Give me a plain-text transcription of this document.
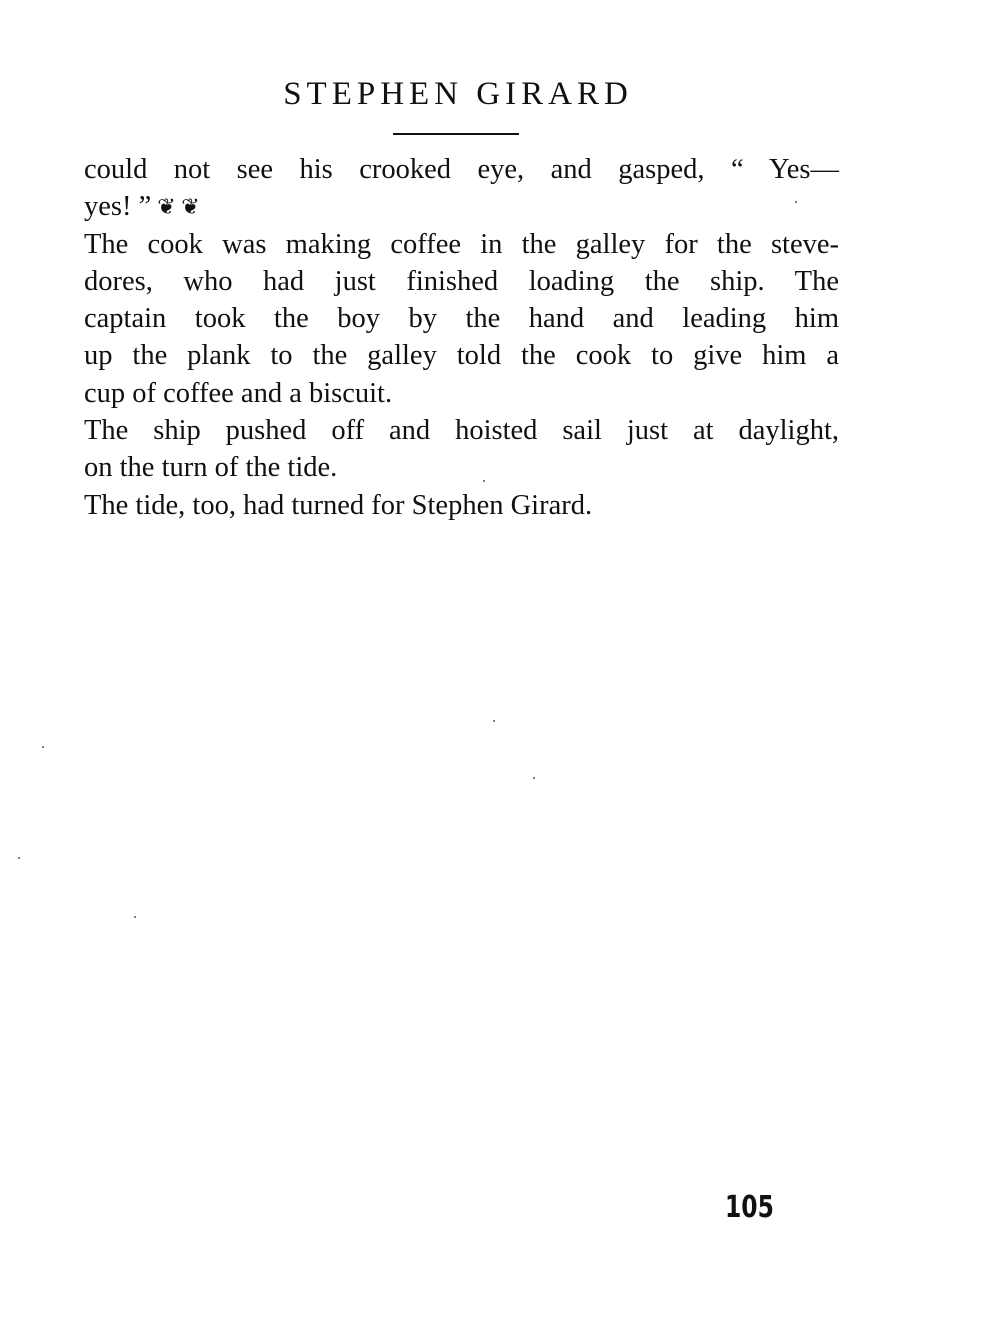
STEPHEN GIRARD
could not see his crooked eye, and gasped, “ Yes—
yes! ” ❦ ❦
The cook was making coffee in the galley for the steve-
dores, who had just finished loading the ship. The
captain took the boy by the hand and leading him
up the plank to the galley told the cook to give him a
cup of coffee and a biscuit.
The ship pushed off and hoisted sail just at daylight,
on the turn of the tide.
The tide, too, had turned for Stephen Girard.
105
